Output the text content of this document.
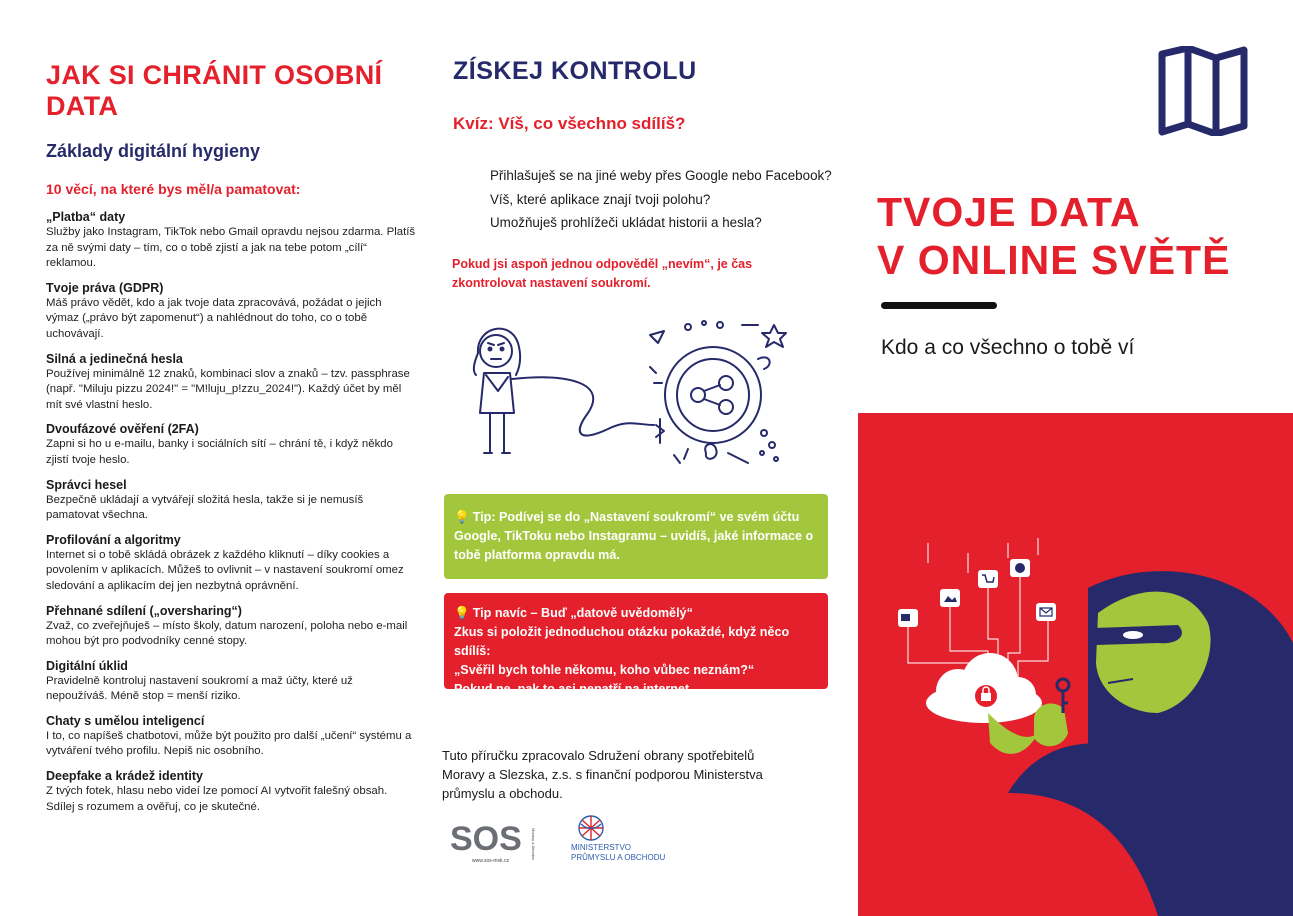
JAK SI CHRÁNIT OSOBNÍ DATA
Základy digitální hygieny
10 věcí, na které bys měl/a pamatovat:
„Platba“ daty
Služby jako Instagram, TikTok nebo Gmail opravdu nejsou zdarma. Platíš za ně svými daty – tím, co o tobě zjistí a jak na tebe potom „cílí“ reklamou.
Tvoje práva (GDPR)
Máš právo vědět, kdo a jak tvoje data zpracovává, požádat o jejich výmaz („právo být zapomenut“) a nahlédnout do toho, co o tobě uchovávají.
Silná a jedinečná hesla
Používej minimálně 12 znaků, kombinaci slov a znaků – tzv. passphrase (např. "Miluju pizzu 2024!" = "M!luju_p!zzu_2024!"). Každý účet by měl mít své vlastní heslo.
Dvoufázové ověření (2FA)
Zapni si ho u e-mailu, banky i sociálních sítí – chrání tě, i když někdo zjistí tvoje heslo.
Správci hesel
Bezpečně ukládají a vytvářejí složitá hesla, takže si je nemusíš pamatovat všechna.
Profilování a algoritmy
Internet si o tobě skládá obrázek z každého kliknutí – díky cookies a povolením v aplikacích. Můžeš to ovlivnit – v nastavení soukromí omez sledování a aplikacím dej jen nezbytná oprávnění.
Přehnané sdílení („oversharing“)
Zvaž, co zveřejňuješ – místo školy, datum narození, poloha nebo e-mail mohou být pro podvodníky cenné stopy.
Digitální úklid
Pravidelně kontroluj nastavení soukromí a maž účty, které už nepoužíváš. Méně stop = menší riziko.
Chaty s umělou inteligencí
I to, co napíšeš chatbotovi, může být použito pro další „učení“ systému a vytváření tvého profilu. Nepiš nic osobního.
Deepfake a krádež identity
Z tvých fotek, hlasu nebo videí lze pomocí AI vytvořit falešný obsah. Sdílej s rozumem a ověřuj, co je skutečné.
ZÍSKEJ KONTROLU
Kvíz: Víš, co všechno sdílíš?
Přihlašuješ se na jiné weby přes Google nebo Facebook?
Víš, které aplikace znají tvoji polohu?
Umožňuješ prohlížeči ukládat historii a hesla?
Pokud jsi aspoň jednou odpověděl „nevím“, je čas zkontrolovat nastavení soukromí.
💡 Tip: Podívej se do „Nastavení soukromí“ ve svém účtu Google, TikToku nebo Instagramu – uvidíš, jaké informace o tobě platforma opravdu má.
💡 Tip navíc – Buď „datově uvědomělý“
Zkus si položit jednoduchou otázku pokaždé, když něco sdílíš:
„Svěřil bych tohle někomu, koho vůbec neznám?“
Pokud ne, pak to asi nepatří na internet.
Tuto příručku zpracovalo Sdružení obrany spotřebitelů Moravy a Slezska, z.s. s finanční podporou Ministerstva průmyslu a obchodu.
SOS
www.sos-msk.cz
Moravy a Slezska	MINISTERSTVO
PRŮMYSLU A OBCHODU
TVOJE DATA
V ONLINE SVĚTĚ
Kdo a co všechno o tobě ví
